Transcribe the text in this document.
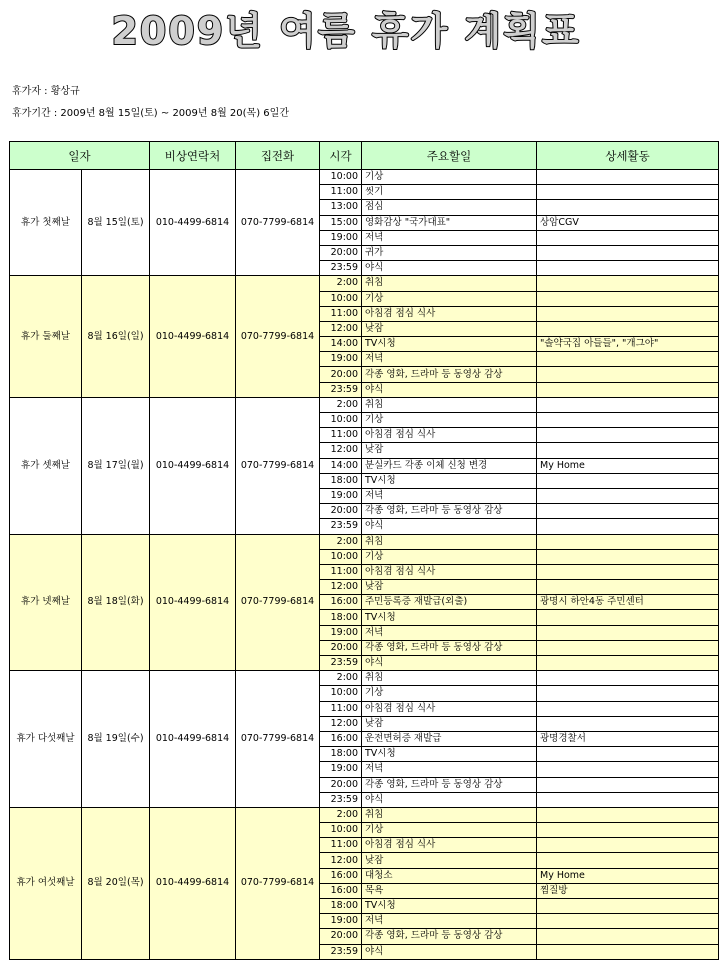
2009년 여름 휴가 계획표
휴가자 : 황상규
휴가기간 : 2009년 8월 15일(토) ~ 2009년 8월 20(목) 6일간
일자		비상연락처	집전화	시각	주요할일	상세활동
휴가 첫째날	8월 15일(토)	010-4499-6814	070-7799-6814	10:00	기상	
				11:00	씻기	
				13:00	점심	
				15:00	영화감상 "국가대표"	상암CGV
				19:00	저녁	
				20:00	귀가	
				23:59	야식	
휴가 둘째날	8월 16일(일)	010-4499-6814	070-7799-6814	2:00	취침	
				10:00	기상	
				11:00	아침겸 점심 식사	
				12:00	낮잠	
				14:00	TV시청	"솔약국집 아들들", "개그야"
				19:00	저녁	
				20:00	각종 영화, 드라마 등 동영상 감상	
				23:59	야식	
휴가 셋째날	8월 17일(월)	010-4499-6814	070-7799-6814	2:00	취침	
				10:00	기상	
				11:00	아침겸 점심 식사	
				12:00	낮잠	
				14:00	분실카드 각종 이체 신청 변경	My Home
				18:00	TV시청	
				19:00	저녁	
				20:00	각종 영화, 드라마 등 동영상 감상	
				23:59	야식	
휴가 넷째날	8월 18일(화)	010-4499-6814	070-7799-6814	2:00	취침	
				10:00	기상	
				11:00	아침겸 점심 식사	
				12:00	낮잠	
				16:00	주민등록증 재발급(외출)	광명시 하안4동 주민센터
				18:00	TV시청	
				19:00	저녁	
				20:00	각종 영화, 드라마 등 동영상 감상	
				23:59	야식	
휴가 다섯째날	8월 19일(수)	010-4499-6814	070-7799-6814	2:00	취침	
				10:00	기상	
				11:00	아침겸 점심 식사	
				12:00	낮잠	
				16:00	운전면허증 재발급	광명경찰서
				18:00	TV시청	
				19:00	저녁	
				20:00	각종 영화, 드라마 등 동영상 감상	
				23:59	야식	
휴가 여섯째날	8월 20일(목)	010-4499-6814	070-7799-6814	2:00	취침	
				10:00	기상	
				11:00	아침겸 점심 식사	
				12:00	낮잠	
				16:00	대청소	My Home
				16:00	목욕	찜질방
				18:00	TV시청	
				19:00	저녁	
				20:00	각종 영화, 드라마 등 동영상 감상	
				23:59	야식	
